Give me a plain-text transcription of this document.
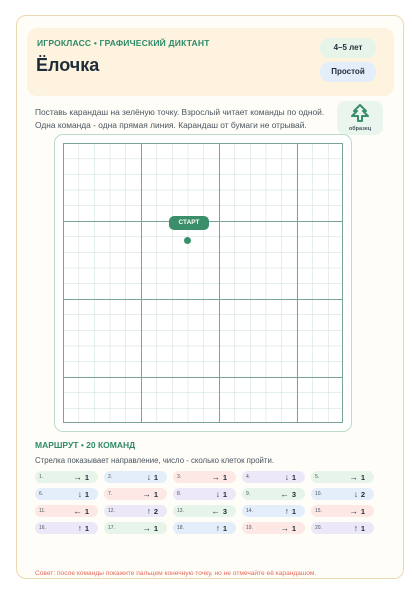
ИГРОКЛАСС • ГРАФИЧЕСКИЙ ДИКТАНТ
Ёлочка
4–5 лет
Простой

Поставь карандаш на зелёную точку. Взрослый читает команды по одной.

Одна команда - одна прямая линия. Карандаш от бумаги не отрывай.	образец
СТАРТ
МАРШРУТ • 20 КОМАНД
Стрелка показывает направление, число - сколько клеток пройти.
1.	→ 1	2.	↓ 1	3.	→ 1	4.	↓ 1	5.	→ 1
6.	↓ 1	7.	→ 1	8.	↓ 1	9.	← 3	10.	↓ 2
11.	← 1	12.	↑ 2	13.	← 3	14.	↑ 1	15.	→ 1
16.	↑ 1	17.	→ 1	18.	↑ 1	19.	→ 1	20.	↑ 1
Совет: после команды покажите пальцем конечную точку, но не отмечайте её карандашом.
